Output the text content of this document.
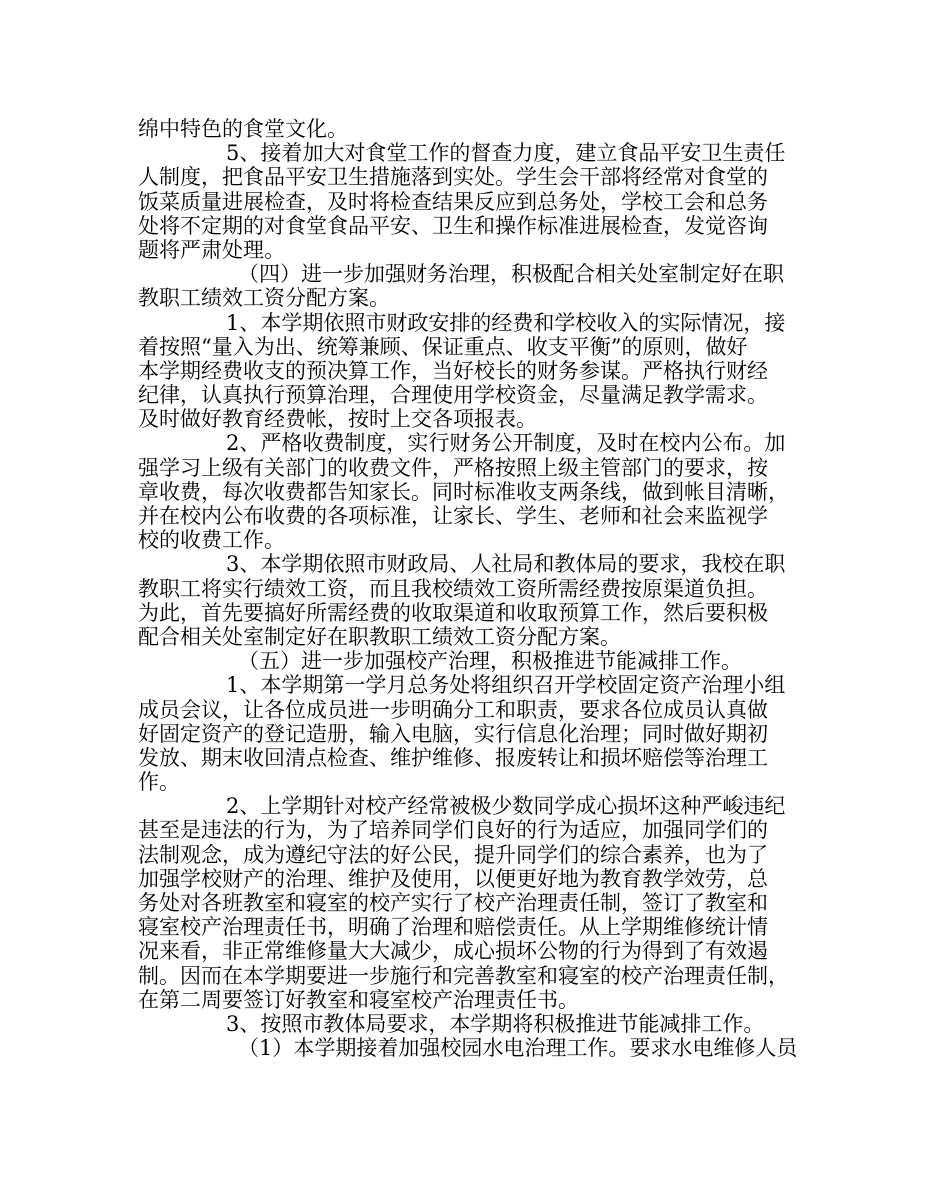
绵中特色的食堂文化。
5、接着加大对食堂工作的督查力度，建立食品平安卫生责任
人制度，把食品平安卫生措施落到实处。学生会干部将经常对食堂的
饭菜质量进展检查，及时将检查结果反应到总务处，学校工会和总务
处将不定期的对食堂食品平安、卫生和操作标准进展检查，发觉咨询
题将严肃处理。
（四）进一步加强财务治理，积极配合相关处室制定好在职
教职工绩效工资分配方案。
1、本学期依照市财政安排的经费和学校收入的实际情况，接
着按照“量入为出、统筹兼顾、保证重点、收支平衡”的原则，做好
本学期经费收支的预决算工作，当好校长的财务参谋。严格执行财经
纪律，认真执行预算治理，合理使用学校资金，尽量满足教学需求。
及时做好教育经费帐，按时上交各项报表。
2、严格收费制度，实行财务公开制度，及时在校内公布。加
强学习上级有关部门的收费文件，严格按照上级主管部门的要求，按
章收费，每次收费都告知家长。同时标准收支两条线，做到帐目清晰，
并在校内公布收费的各项标准，让家长、学生、老师和社会来监视学
校的收费工作。
3、本学期依照市财政局、人社局和教体局的要求，我校在职
教职工将实行绩效工资，而且我校绩效工资所需经费按原渠道负担。
为此，首先要搞好所需经费的收取渠道和收取预算工作，然后要积极
配合相关处室制定好在职教职工绩效工资分配方案。
（五）进一步加强校产治理，积极推进节能减排工作。
1、本学期第一学月总务处将组织召开学校固定资产治理小组
成员会议，让各位成员进一步明确分工和职责，要求各位成员认真做
好固定资产的登记造册，输入电脑，实行信息化治理；同时做好期初
发放、期末收回清点检查、维护维修、报废转让和损坏赔偿等治理工
作。
2、上学期针对校产经常被极少数同学成心损坏这种严峻违纪
甚至是违法的行为，为了培养同学们良好的行为适应，加强同学们的
法制观念，成为遵纪守法的好公民，提升同学们的综合素养，也为了
加强学校财产的治理、维护及使用，以便更好地为教育教学效劳，总
务处对各班教室和寝室的校产实行了校产治理责任制，签订了教室和
寝室校产治理责任书，明确了治理和赔偿责任。从上学期维修统计情
况来看，非正常维修量大大减少，成心损坏公物的行为得到了有效遏
制。因而在本学期要进一步施行和完善教室和寝室的校产治理责任制，
在第二周要签订好教室和寝室校产治理责任书。
3、按照市教体局要求，本学期将积极推进节能减排工作。
（1）本学期接着加强校园水电治理工作。要求水电维修人员
